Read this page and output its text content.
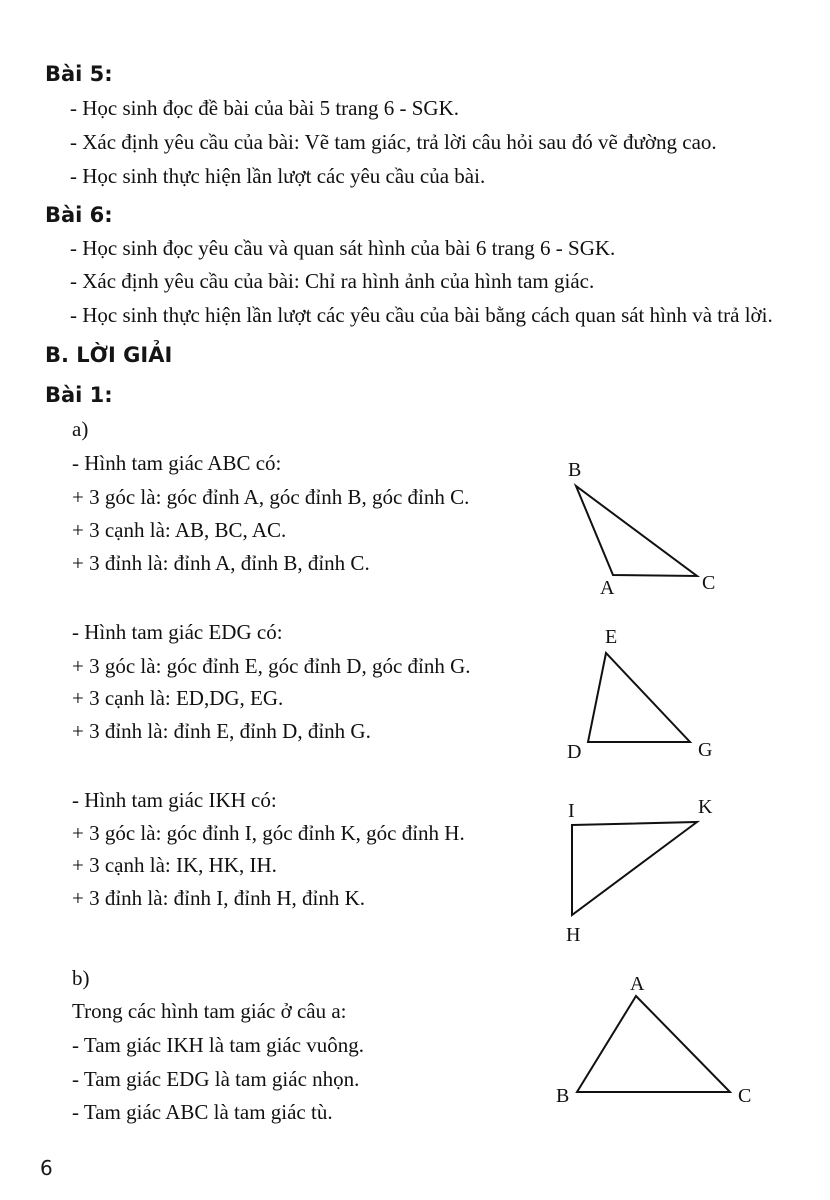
Bài 5:
- Học sinh đọc đề bài của bài 5 trang 6 - SGK.
- Xác định yêu cầu của bài: Vẽ tam giác, trả lời câu hỏi sau đó vẽ đường cao.
- Học sinh thực hiện lần lượt các yêu cầu của bài.
Bài 6:
- Học sinh đọc yêu cầu và quan sát hình của bài 6 trang 6 - SGK.
- Xác định yêu cầu của bài: Chỉ ra hình ảnh của hình tam giác.
- Học sinh thực hiện lần lượt các yêu cầu của bài bằng cách quan sát hình và trả lời.
B. LỜI GIẢI
Bài 1:
a)
- Hình tam giác ABC có:
+ 3 góc là: góc đỉnh A, góc đỉnh B, góc đỉnh C.
+ 3 cạnh là: AB, BC, AC.
+ 3 đỉnh là: đỉnh A, đỉnh B, đỉnh C.
- Hình tam giác EDG có:
+ 3 góc là: góc đỉnh E, góc đỉnh D, góc đỉnh G.
+ 3 cạnh là: ED,DG, EG.
+ 3 đỉnh là: đỉnh E, đỉnh D, đỉnh G.
- Hình tam giác IKH có:
+ 3 góc là: góc đỉnh I, góc đỉnh K, góc đỉnh H.
+ 3 cạnh là: IK, HK, IH.
+ 3 đỉnh là: đỉnh I, đỉnh H, đỉnh K.
b)
Trong các hình tam giác ở câu a:
- Tam giác IKH là tam giác vuông.
- Tam giác EDG là tam giác nhọn.
- Tam giác ABC là tam giác tù.
B
A	C
E
D	G
I	K
H
A
B	C
6
